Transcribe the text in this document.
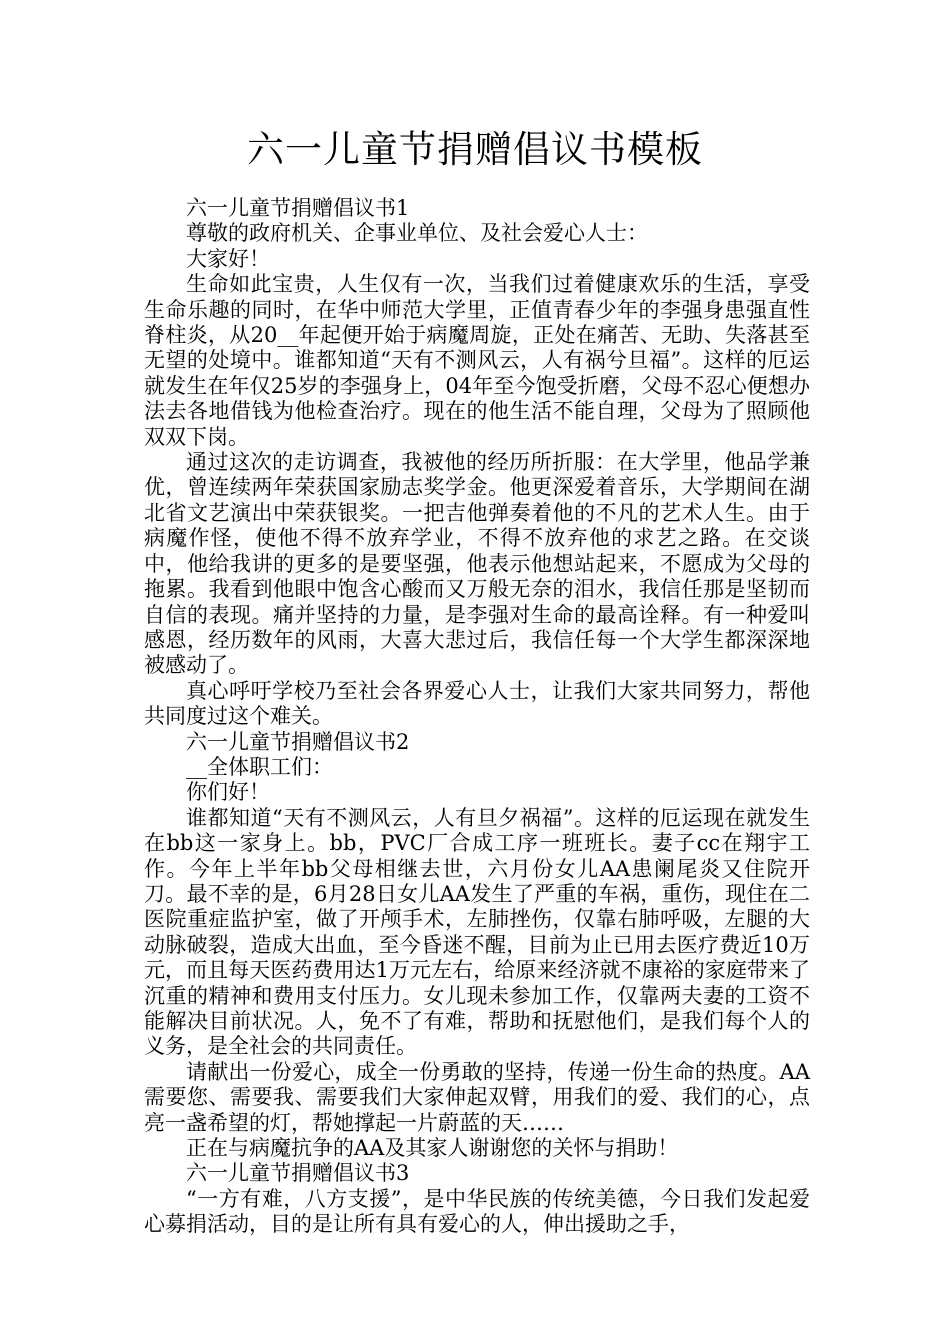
六一儿童节捐赠倡议书模板

六一儿童节捐赠倡议书1

尊敬的政府机关、企事业单位、及社会爱心人士：

大家好！

生命如此宝贵，人生仅有一次，当我们过着健康欢乐的生活，享受生命乐趣的同时，在华中师范大学里，正值青春少年的李强身患强直性脊柱炎，从20__年起便开始于病魔周旋，正处在痛苦、无助、失落甚至无望的处境中。谁都知道“天有不测风云，人有祸兮旦福”。这样的厄运就发生在年仅25岁的李强身上，04年至今饱受折磨，父母不忍心便想办法去各地借钱为他检查治疗。现在的他生活不能自理，父母为了照顾他双双下岗。

通过这次的走访调查，我被他的经历所折服：在大学里，他品学兼优，曾连续两年荣获国家励志奖学金。他更深爱着音乐，大学期间在湖北省文艺演出中荣获银奖。一把吉他弹奏着他的不凡的艺术人生。由于病魔作怪，使他不得不放弃学业，不得不放弃他的求艺之路。在交谈中，他给我讲的更多的是要坚强，他表示他想站起来，不愿成为父母的拖累。我看到他眼中饱含心酸而又万般无奈的泪水，我信任那是坚韧而自信的表现。痛并坚持的力量，是李强对生命的最高诠释。有一种爱叫感恩，经历数年的风雨，大喜大悲过后，我信任每一个大学生都深深地被感动了。

真心呼吁学校乃至社会各界爱心人士，让我们大家共同努力，帮他共同度过这个难关。

六一儿童节捐赠倡议书2

__全体职工们：

你们好！

谁都知道“天有不测风云，人有旦夕祸福”。这样的厄运现在就发生在bb这一家身上。bb，PVC厂合成工序一班班长。妻子cc在翔宇工作。今年上半年bb父母相继去世，六月份女儿AA患阑尾炎又住院开刀。最不幸的是，6月28日女儿AA发生了严重的车祸，重伤，现住在二医院重症监护室，做了开颅手术，左肺挫伤，仅靠右肺呼吸，左腿的大动脉破裂，造成大出血，至今昏迷不醒，目前为止已用去医疗费近10万元，而且每天医药费用达1万元左右，给原来经济就不康裕的家庭带来了沉重的精神和费用支付压力。女儿现未参加工作，仅靠两夫妻的工资不能解决目前状况。人，免不了有难，帮助和抚慰他们，是我们每个人的义务，是全社会的共同责任。

请献出一份爱心，成全一份勇敢的坚持，传递一份生命的热度。AA需要您、需要我、需要我们大家伸起双臂，用我们的爱、我们的心，点亮一盏希望的灯，帮她撑起一片蔚蓝的天……

正在与病魔抗争的AA及其家人谢谢您的关怀与捐助！

六一儿童节捐赠倡议书3

“一方有难，八方支援”，是中华民族的传统美德，今日我们发起爱心募捐活动，目的是让所有具有爱心的人，伸出援助之手，
